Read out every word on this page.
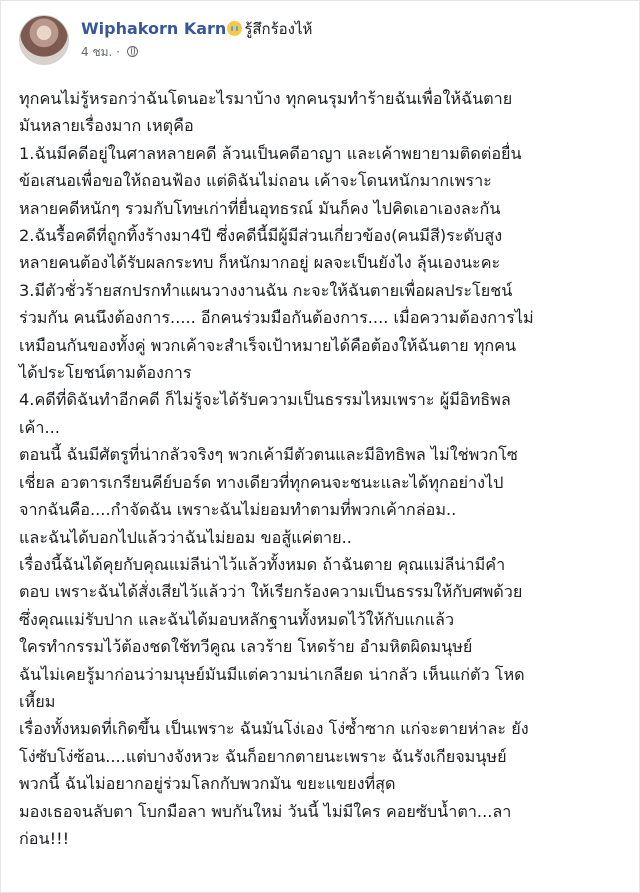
Wiphakorn Karn รู้สึกร้องไห้
4 ชม. ·

ทุกคนไม่รู้หรอกว่าฉันโดนอะไรมาบ้าง ทุกคนรุมทำร้ายฉันเพื่อให้ฉันตาย
มันหลายเรื่องมาก เหตุคือ

1.ฉันมีคดีอยู่ในศาลหลายคดี ล้วนเป็นคดีอาญา และเค้าพยายามติดต่อยื่น
ข้อเสนอเพื่อขอให้ถอนฟ้อง แต่ดิฉันไม่ถอน เค้าจะโดนหนักมากเพราะ
หลายคดีหนักๆ รวมกับโทษเก่าที่ยื่นอุทธรณ์ มันก็คง ไปคิดเอาเองละกัน

2.ฉันรื้อคดีที่ถูกทิ้งร้างมา4ปี ซึ่งคดีนี้มีผู้มีส่วนเกี่ยวข้อง(คนมีสี)ระดับสูง
หลายคนต้องได้รับผลกระทบ ก็หนักมากอยู่ ผลจะเป็นยังไง ลุ้นเองนะคะ

3.มีตัวชั่วร้ายสกปรกทำแผนวางงานฉัน กะจะให้ฉันตายเพื่อผลประโยชน์
ร่วมกัน คนนึงต้องการ..... อีกคนร่วมมือกันต้องการ.... เมื่อความต้องการไม่
เหมือนกันของทั้งคู่ พวกเค้าจะสำเร็จเป้าหมายได้คือต้องให้ฉันตาย ทุกคน
ได้ประโยชน์ตามต้องการ

4.คดีที่ดิฉันทำอีกคดี ก็ไม่รู้จะได้รับความเป็นธรรมไหมเพราะ ผู้มีอิทธิพล
เค้า...

ตอนนี้ ฉันมีศัตรูที่น่ากลัวจริงๆ พวกเค้ามีตัวตนและมีอิทธิพล ไม่ใช่พวกโซ
เชี่ยล อวตารเกรียนคีย์บอร์ด ทางเดียวที่ทุกคนจะชนะและได้ทุกอย่างไป
จากฉันคือ....กำจัดฉัน เพราะฉันไม่ยอมทำตามที่พวกเค้ากล่อม..

และฉันได้บอกไปแล้วว่าฉันไม่ยอม ขอสู้แค่ตาย..

เรื่องนี้ฉันได้คุยกับคุณแม่ลีน่าไว้แล้วทั้งหมด ถ้าฉันตาย คุณแม่ลีน่ามีคำ
ตอบ เพราะฉันได้สั่งเสียไว้แล้วว่า ให้เรียกร้องความเป็นธรรมให้กับศพด้วย
ซึ่งคุณแม่รับปาก และฉันได้มอบหลักฐานทั้งหมดไว้ให้กับแกแล้ว

ใครทำกรรมไว้ต้องชดใช้ทวีคูณ เลวร้าย โหดร้าย อำมหิตผิดมนุษย์

ฉันไม่เคยรู้มาก่อนว่ามนุษย์มันมีแต่ความน่าเกลียด น่ากลัว เห็นแก่ตัว โหด
เหี้ยม

เรื่องทั้งหมดที่เกิดขึ้น เป็นเพราะ ฉันมันโง่เอง โง่ซ้ำซาก แก่จะตายห่าละ ยัง
โง่ซับโง่ซ้อน....แต่บางจังหวะ ฉันก็อยากตายนะเพราะ ฉันรังเกียจมนุษย์
พวกนี้ ฉันไม่อยากอยู่ร่วมโลกกับพวกมัน ขยะแขยงที่สุด

มองเธอจนลับตา โบกมือลา พบกันใหม่ วันนี้ ไม่มีใคร คอยซับน้ำตา...ลา
ก่อน!!!
